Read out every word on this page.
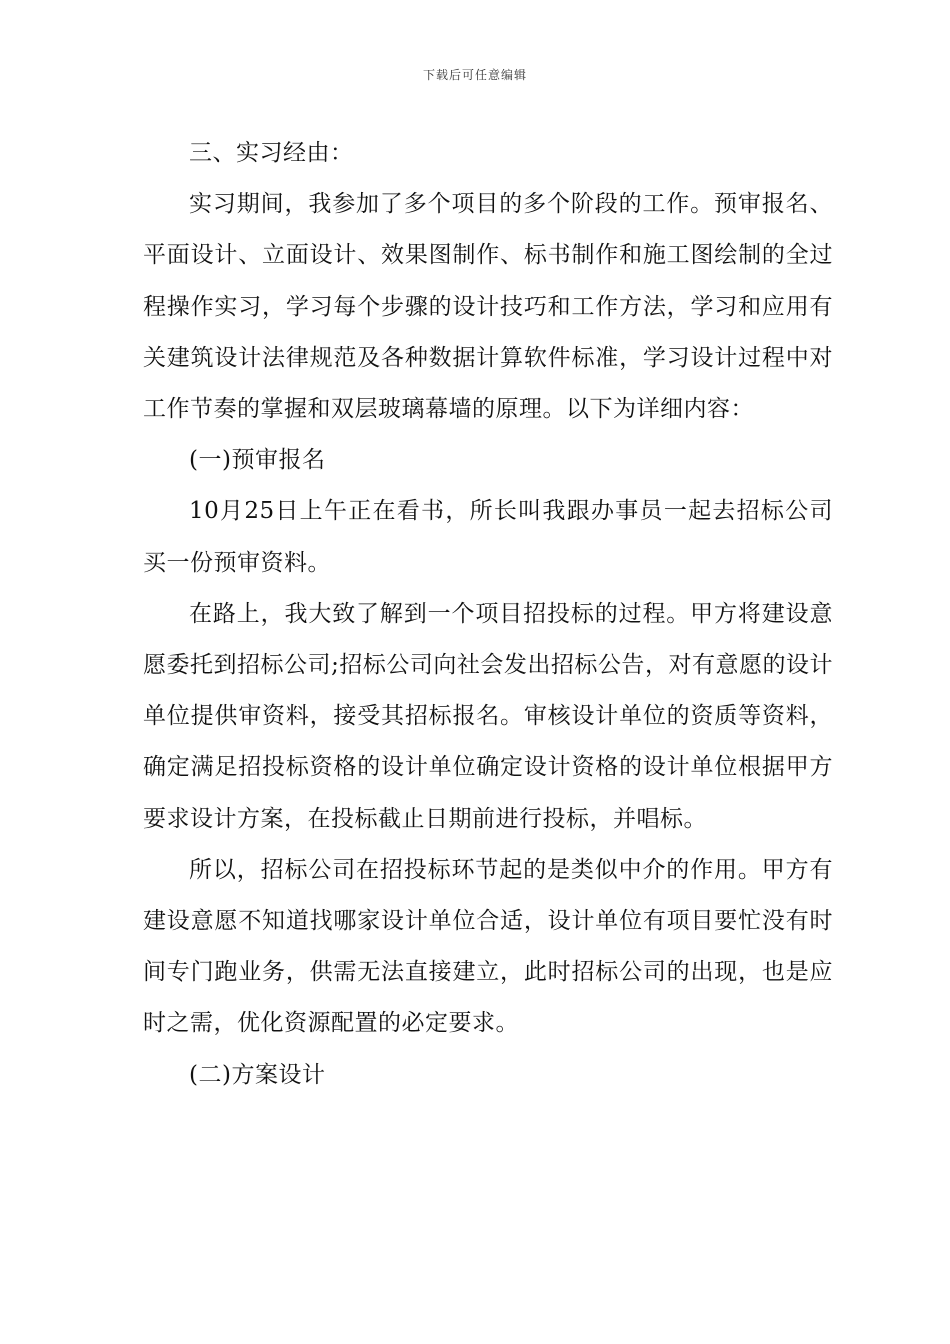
下载后可任意编辑

三、实习经由：

实习期间，我参加了多个项目的多个阶段的工作。预审报名、平面设计、立面设计、效果图制作、标书制作和施工图绘制的全过程操作实习，学习每个步骤的设计技巧和工作方法，学习和应用有关建筑设计法律规范及各种数据计算软件标准，学习设计过程中对工作节奏的掌握和双层玻璃幕墙的原理。以下为详细内容：

(一)预审报名

10月25日上午正在看书，所长叫我跟办事员一起去招标公司买一份预审资料。

在路上，我大致了解到一个项目招投标的过程。甲方将建设意愿委托到招标公司;招标公司向社会发出招标公告，对有意愿的设计单位提供审资料，接受其招标报名。审核设计单位的资质等资料，确定满足招投标资格的设计单位确定设计资格的设计单位根据甲方要求设计方案，在投标截止日期前进行投标，并唱标。

所以，招标公司在招投标环节起的是类似中介的作用。甲方有建设意愿不知道找哪家设计单位合适，设计单位有项目要忙没有时间专门跑业务，供需无法直接建立，此时招标公司的出现，也是应时之需，优化资源配置的必定要求。

(二)方案设计
